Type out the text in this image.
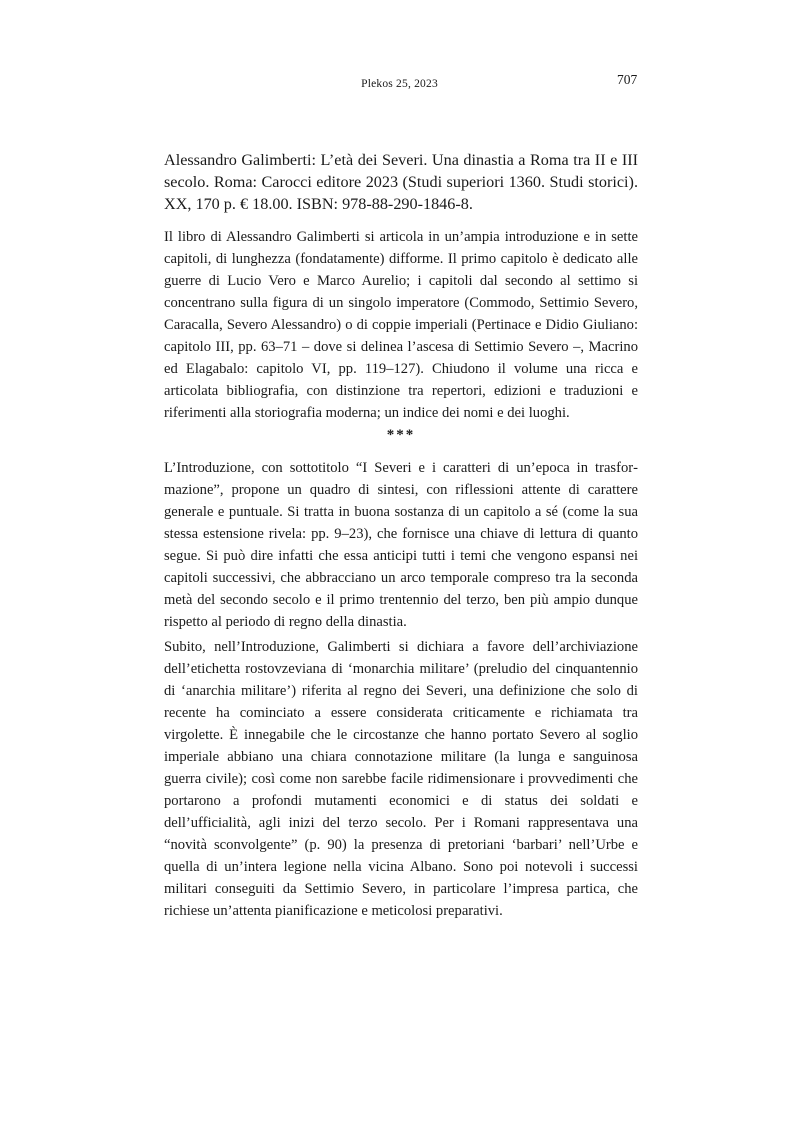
Plekos 25, 2023	707
Alessandro Galimberti: L’età dei Severi. Una dinastia a Roma tra II e III secolo. Roma: Carocci editore 2023 (Studi superiori 1360. Studi storici). XX, 170 p. € 18.00. ISBN: 978-88-290-1846-8.

Il libro di Alessandro Galimberti si articola in un’ampia introduzione e in sette capitoli, di lunghezza (fondatamente) difforme. Il primo capitolo è dedicato alle guerre di Lucio Vero e Marco Aurelio; i capitoli dal secondo al settimo si concentrano sulla figura di un singolo imperatore (Commodo, Settimio Severo, Caracalla, Severo Alessandro) o di coppie imperiali (Pertinace e Didio Giuliano: capitolo III, pp. 63–71 – dove si delinea l’ascesa di Settimio Severo –, Macrino ed Elagabalo: capitolo VI, pp. 119–127). Chiudono il volume una ricca e articolata bibliografia, con distinzione tra repertori, edizioni e traduzioni e riferimenti alla storiografia moderna; un indice dei nomi e dei luoghi.

***

L’Introduzione, con sottotitolo “I Severi e i caratteri di un’epoca in trasformazione”, propone un quadro di sintesi, con riflessioni attente di carattere generale e puntuale. Si tratta in buona sostanza di un capitolo a sé (come la sua stessa estensione rivela: pp. 9–23), che fornisce una chiave di lettura di quanto segue. Si può dire infatti che essa anticipi tutti i temi che vengono espansi nei capitoli successivi, che abbracciano un arco temporale compreso tra la seconda metà del secondo secolo e il primo trentennio del terzo, ben più ampio dunque rispetto al periodo di regno della dinastia.

Subito, nell’Introduzione, Galimberti si dichiara a favore dell’archiviazione dell’etichetta rostovzeviana di ‘monarchia militare’ (preludio del cinquantennio di ‘anarchia militare’) riferita al regno dei Severi, una definizione che solo di recente ha cominciato a essere considerata criticamente e richiamata tra virgolette. È innegabile che le circostanze che hanno portato Severo al soglio imperiale abbiano una chiara connotazione militare (la lunga e sanguinosa guerra civile); così come non sarebbe facile ridimensionare i provvedimenti che portarono a profondi mutamenti economici e di status dei soldati e dell’ufficialità, agli inizi del terzo secolo. Per i Romani rappresentava una “novità sconvolgente” (p. 90) la presenza di pretoriani ‘barbari’ nell’Urbe e quella di un’intera legione nella vicina Albano. Sono poi notevoli i successi militari conseguiti da Settimio Severo, in particolare l’impresa partica, che richiese un’attenta pianificazione e meticolosi preparativi.
